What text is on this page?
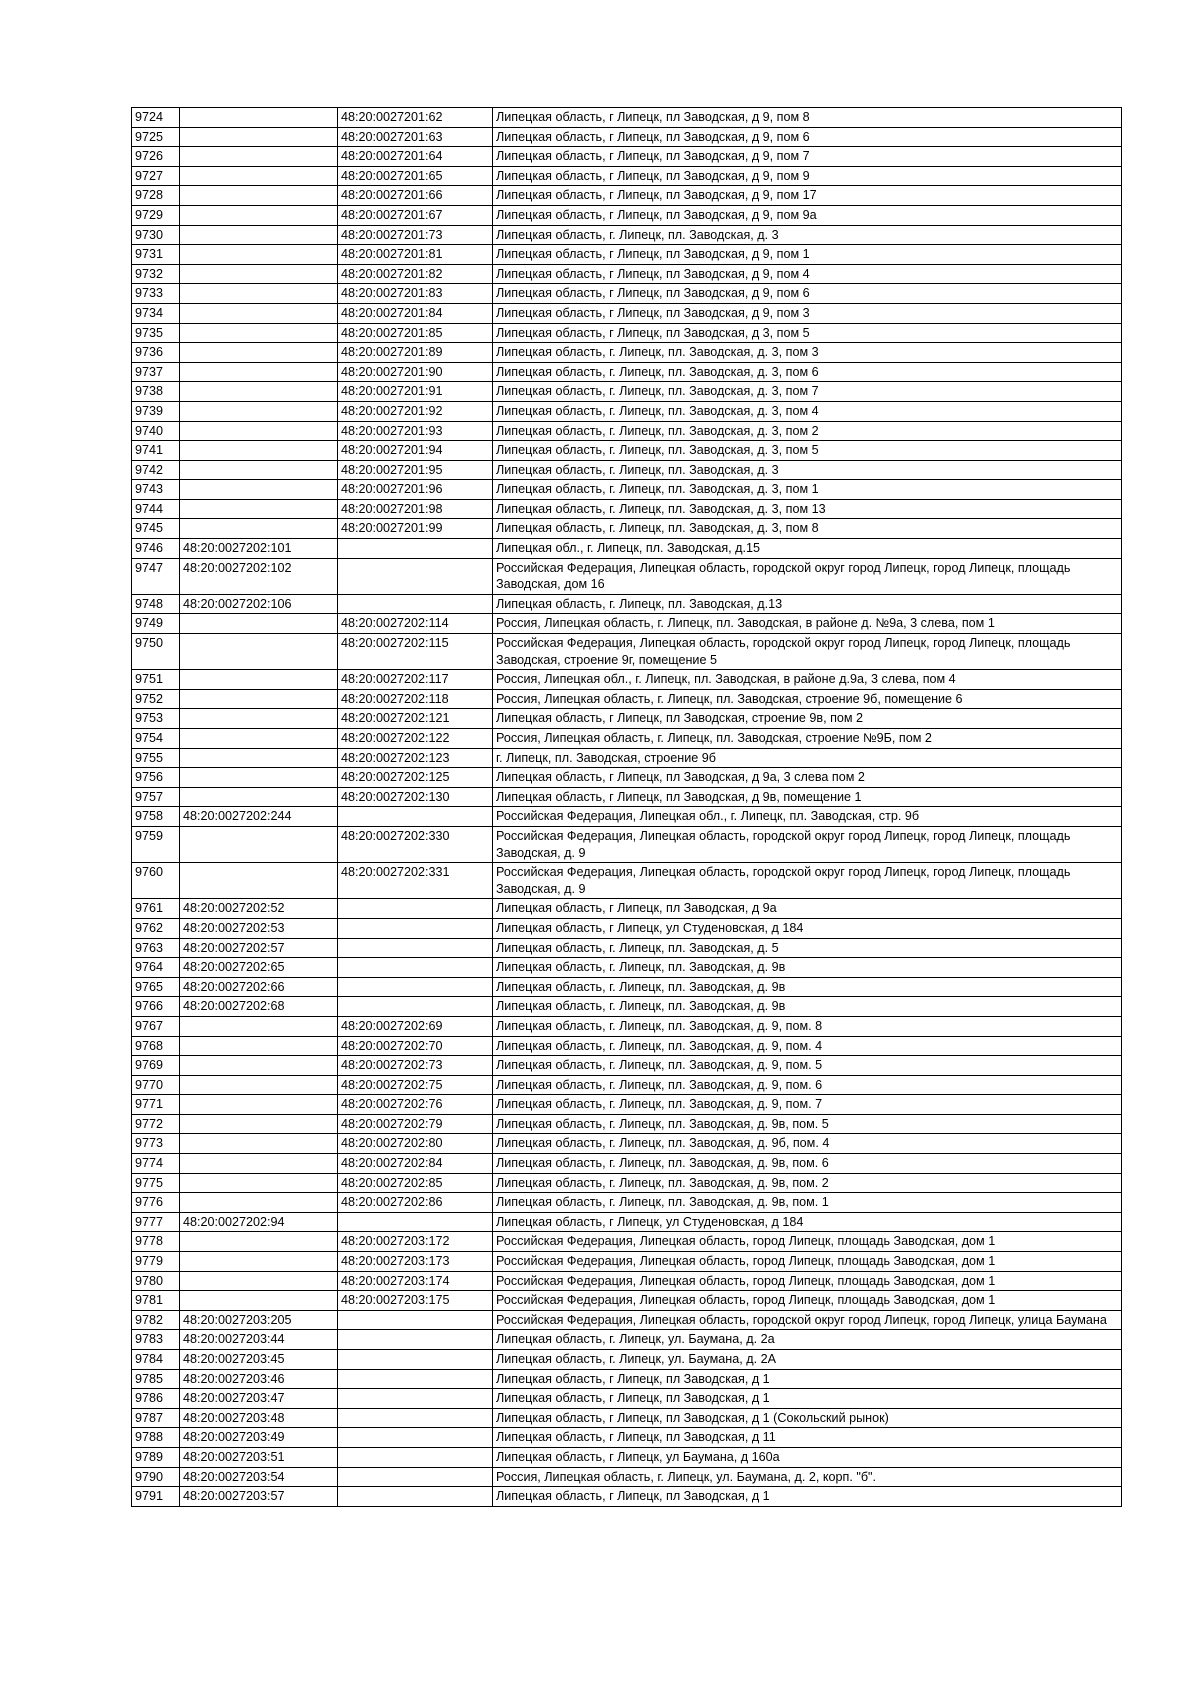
9724		48:20:0027201:62	Липецкая область, г Липецк, пл Заводская, д 9, пом 8
9725		48:20:0027201:63	Липецкая область, г Липецк, пл Заводская, д 9, пом 6
9726		48:20:0027201:64	Липецкая область, г Липецк, пл Заводская, д 9, пом 7
9727		48:20:0027201:65	Липецкая область, г Липецк, пл Заводская, д 9, пом 9
9728		48:20:0027201:66	Липецкая область, г Липецк, пл Заводская, д 9, пом 17
9729		48:20:0027201:67	Липецкая область, г Липецк, пл Заводская, д 9, пом 9а
9730		48:20:0027201:73	Липецкая область, г. Липецк, пл. Заводская, д. 3
9731		48:20:0027201:81	Липецкая область, г Липецк, пл Заводская, д 9, пом 1
9732		48:20:0027201:82	Липецкая область, г Липецк, пл Заводская, д 9, пом 4
9733		48:20:0027201:83	Липецкая область, г Липецк, пл Заводская, д 9, пом 6
9734		48:20:0027201:84	Липецкая область, г Липецк, пл Заводская, д 9, пом 3
9735		48:20:0027201:85	Липецкая область, г Липецк, пл Заводская, д 3, пом 5
9736		48:20:0027201:89	Липецкая область, г. Липецк, пл. Заводская, д. 3, пом 3
9737		48:20:0027201:90	Липецкая область, г. Липецк, пл. Заводская, д. 3, пом 6
9738		48:20:0027201:91	Липецкая область, г. Липецк, пл. Заводская, д. 3, пом 7
9739		48:20:0027201:92	Липецкая область, г. Липецк, пл. Заводская, д. 3, пом 4
9740		48:20:0027201:93	Липецкая область, г. Липецк, пл. Заводская, д. 3, пом 2
9741		48:20:0027201:94	Липецкая область, г. Липецк, пл. Заводская, д. 3, пом 5
9742		48:20:0027201:95	Липецкая область, г. Липецк, пл. Заводская, д. 3
9743		48:20:0027201:96	Липецкая область, г. Липецк, пл. Заводская, д. 3, пом 1
9744		48:20:0027201:98	Липецкая область, г. Липецк, пл. Заводская, д. 3, пом 13
9745		48:20:0027201:99	Липецкая область, г. Липецк, пл. Заводская, д. 3, пом 8
9746	48:20:0027202:101		Липецкая обл., г. Липецк, пл. Заводская, д.15
9747	48:20:0027202:102		Российская Федерация, Липецкая область, городской округ город Липецк, город Липецк, площадь Заводская, дом 16
9748	48:20:0027202:106		Липецкая область, г. Липецк, пл. Заводская, д.13
9749		48:20:0027202:114	Россия, Липецкая область, г. Липецк, пл. Заводская, в районе д. №9а, 3 слева, пом 1
9750		48:20:0027202:115	Российская Федерация, Липецкая область, городской округ город Липецк, город Липецк, площадь Заводская, строение 9г, помещение 5
9751		48:20:0027202:117	Россия, Липецкая обл., г. Липецк, пл. Заводская, в районе д.9а, 3 слева, пом 4
9752		48:20:0027202:118	Россия, Липецкая область, г. Липецк, пл. Заводская, строение 9б, помещение 6
9753		48:20:0027202:121	Липецкая область, г Липецк, пл Заводская, строение 9в, пом 2
9754		48:20:0027202:122	Россия, Липецкая область, г. Липецк, пл. Заводская, строение №9Б, пом 2
9755		48:20:0027202:123	г. Липецк, пл. Заводская, строение 9б
9756		48:20:0027202:125	Липецкая область, г Липецк, пл Заводская, д 9а, 3 слева пом 2
9757		48:20:0027202:130	Липецкая область, г Липецк, пл Заводская, д 9в, помещение 1
9758	48:20:0027202:244		Российская Федерация, Липецкая обл., г. Липецк, пл. Заводская, стр. 9б
9759		48:20:0027202:330	Российская Федерация, Липецкая область, городской округ город Липецк, город Липецк, площадь Заводская, д. 9
9760		48:20:0027202:331	Российская Федерация, Липецкая область, городской округ город Липецк, город Липецк, площадь Заводская, д. 9
9761	48:20:0027202:52		Липецкая область, г Липецк, пл Заводская, д 9а
9762	48:20:0027202:53		Липецкая область, г Липецк, ул Студеновская, д 184
9763	48:20:0027202:57		Липецкая область, г. Липецк, пл. Заводская, д. 5
9764	48:20:0027202:65		Липецкая область, г. Липецк, пл. Заводская, д. 9в
9765	48:20:0027202:66		Липецкая область, г. Липецк, пл. Заводская, д. 9в
9766	48:20:0027202:68		Липецкая область, г. Липецк, пл. Заводская, д. 9в
9767		48:20:0027202:69	Липецкая область, г. Липецк, пл. Заводская, д. 9, пом. 8
9768		48:20:0027202:70	Липецкая область, г. Липецк, пл. Заводская, д. 9, пом. 4
9769		48:20:0027202:73	Липецкая область, г. Липецк, пл. Заводская, д. 9, пом. 5
9770		48:20:0027202:75	Липецкая область, г. Липецк, пл. Заводская, д. 9, пом. 6
9771		48:20:0027202:76	Липецкая область, г. Липецк, пл. Заводская, д. 9, пом. 7
9772		48:20:0027202:79	Липецкая область, г. Липецк, пл. Заводская, д. 9в, пом. 5
9773		48:20:0027202:80	Липецкая область, г. Липецк, пл. Заводская, д. 9б, пом. 4
9774		48:20:0027202:84	Липецкая область, г. Липецк, пл. Заводская, д. 9в, пом. 6
9775		48:20:0027202:85	Липецкая область, г. Липецк, пл. Заводская, д. 9в, пом. 2
9776		48:20:0027202:86	Липецкая область, г. Липецк, пл. Заводская, д. 9в, пом. 1
9777	48:20:0027202:94		Липецкая область, г Липецк, ул Студеновская, д 184
9778		48:20:0027203:172	Российская Федерация, Липецкая область, город Липецк, площадь Заводская, дом 1
9779		48:20:0027203:173	Российская Федерация, Липецкая область, город Липецк, площадь Заводская, дом 1
9780		48:20:0027203:174	Российская Федерация, Липецкая область, город Липецк, площадь Заводская, дом 1
9781		48:20:0027203:175	Российская Федерация, Липецкая область, город Липецк, площадь Заводская, дом 1
9782	48:20:0027203:205		Российская Федерация, Липецкая область, городской округ город Липецк, город Липецк, улица Баумана
9783	48:20:0027203:44		Липецкая область, г. Липецк, ул. Баумана, д. 2а
9784	48:20:0027203:45		Липецкая область, г. Липецк, ул. Баумана, д. 2А
9785	48:20:0027203:46		Липецкая область, г Липецк, пл Заводская, д 1
9786	48:20:0027203:47		Липецкая область, г Липецк, пл Заводская, д 1
9787	48:20:0027203:48		Липецкая область, г Липецк, пл Заводская, д 1 (Сокольский рынок)
9788	48:20:0027203:49		Липецкая область, г Липецк, пл Заводская, д 11
9789	48:20:0027203:51		Липецкая область, г Липецк, ул Баумана, д 160а
9790	48:20:0027203:54		Россия, Липецкая область, г. Липецк, ул. Баумана, д. 2, корп. "б".
9791	48:20:0027203:57		Липецкая область, г Липецк, пл Заводская, д 1
